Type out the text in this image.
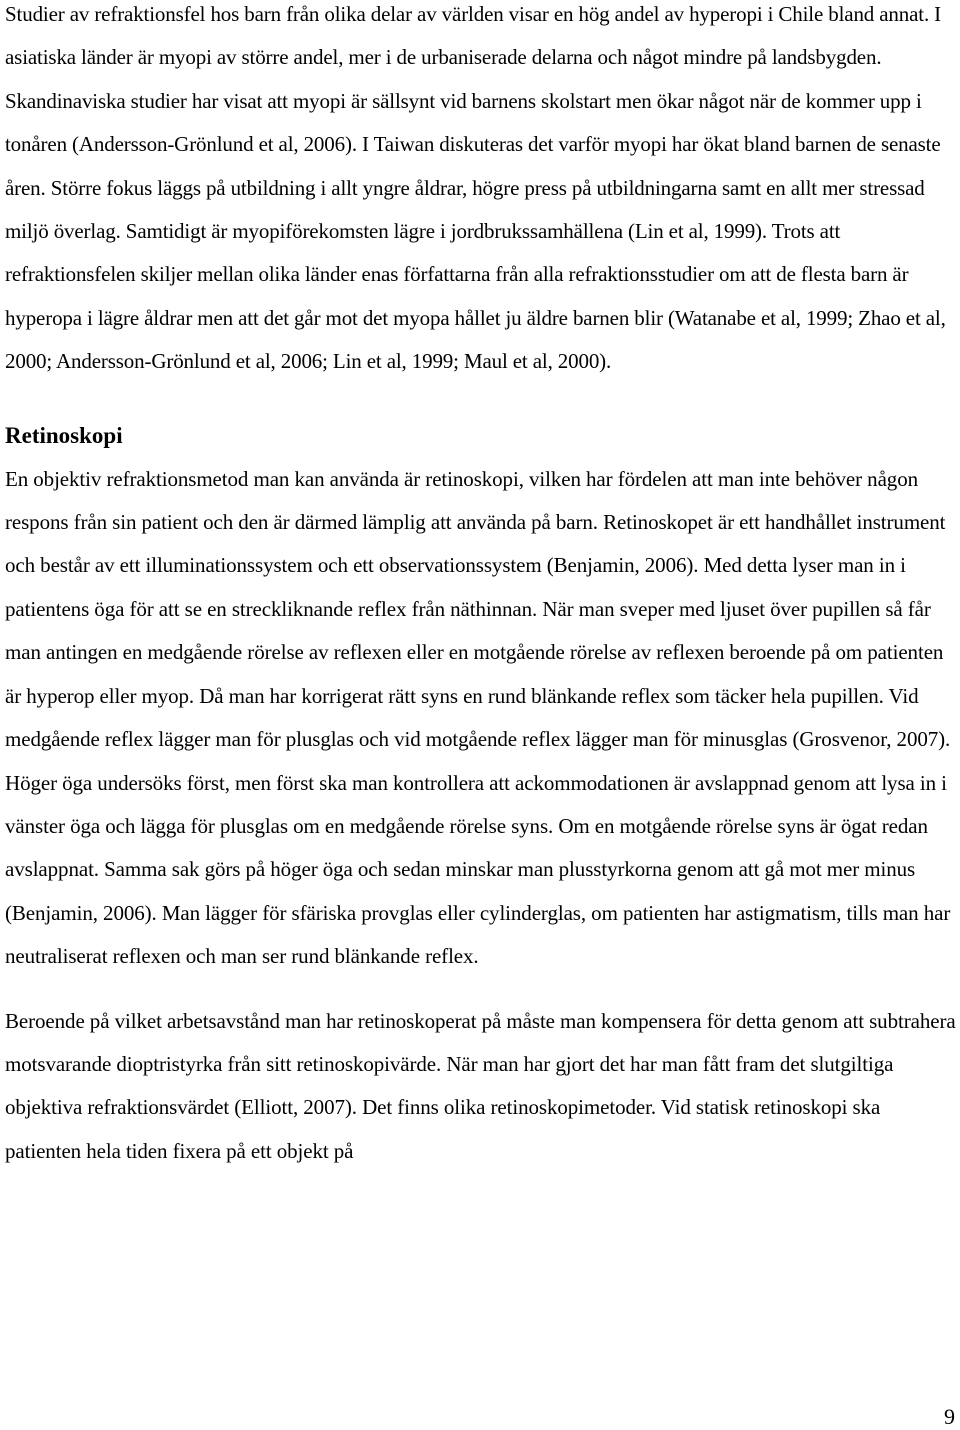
Studier av refraktionsfel hos barn från olika delar av världen visar en hög andel av hyperopi i Chile bland annat. I asiatiska länder är myopi av större andel, mer i de urbaniserade delarna och något mindre på landsbygden. Skandinaviska studier har visat att myopi är sällsynt vid barnens skolstart men ökar något när de kommer upp i tonåren (Andersson-Grönlund et al, 2006). I Taiwan diskuteras det varför myopi har ökat bland barnen de senaste åren. Större fokus läggs på utbildning i allt yngre åldrar, högre press på utbildningarna samt en allt mer stressad miljö överlag. Samtidigt är myopiförekomsten lägre i jordbrukssamhällena (Lin et al, 1999). Trots att refraktionsfelen skiljer mellan olika länder enas författarna från alla refraktionsstudier om att de flesta barn är hyperopa i lägre åldrar men att det går mot det myopa hållet ju äldre barnen blir (Watanabe et al, 1999; Zhao et al, 2000; Andersson-Grönlund et al, 2006; Lin et al, 1999; Maul et al, 2000).

Retinoskopi

En objektiv refraktionsmetod man kan använda är retinoskopi, vilken har fördelen att man inte behöver någon respons från sin patient och den är därmed lämplig att använda på barn. Retinoskopet är ett handhållet instrument och består av ett illuminationssystem och ett observationssystem (Benjamin, 2006). Med detta lyser man in i patientens öga för att se en streckliknande reflex från näthinnan. När man sveper med ljuset över pupillen så får man antingen en medgående rörelse av reflexen eller en motgående rörelse av reflexen beroende på om patienten är hyperop eller myop. Då man har korrigerat rätt syns en rund blänkande reflex som täcker hela pupillen. Vid medgående reflex lägger man för plusglas och vid motgående reflex lägger man för minusglas (Grosvenor, 2007). Höger öga undersöks först, men först ska man kontrollera att ackommodationen är avslappnad genom att lysa in i vänster öga och lägga för plusglas om en medgående rörelse syns. Om en motgående rörelse syns är ögat redan avslappnat. Samma sak görs på höger öga och sedan minskar man plusstyrkorna genom att gå mot mer minus (Benjamin, 2006). Man lägger för sfäriska provglas eller cylinderglas, om patienten har astigmatism, tills man har neutraliserat reflexen och man ser rund blänkande reflex.

Beroende på vilket arbetsavstånd man har retinoskoperat på måste man kompensera för detta genom att subtrahera motsvarande dioptristyrka från sitt retinoskopivärde. När man har gjort det har man fått fram det slutgiltiga objektiva refraktionsvärdet (Elliott, 2007). Det finns olika retinoskopimetoder. Vid statisk retinoskopi ska patienten hela tiden fixera på ett objekt på

9
